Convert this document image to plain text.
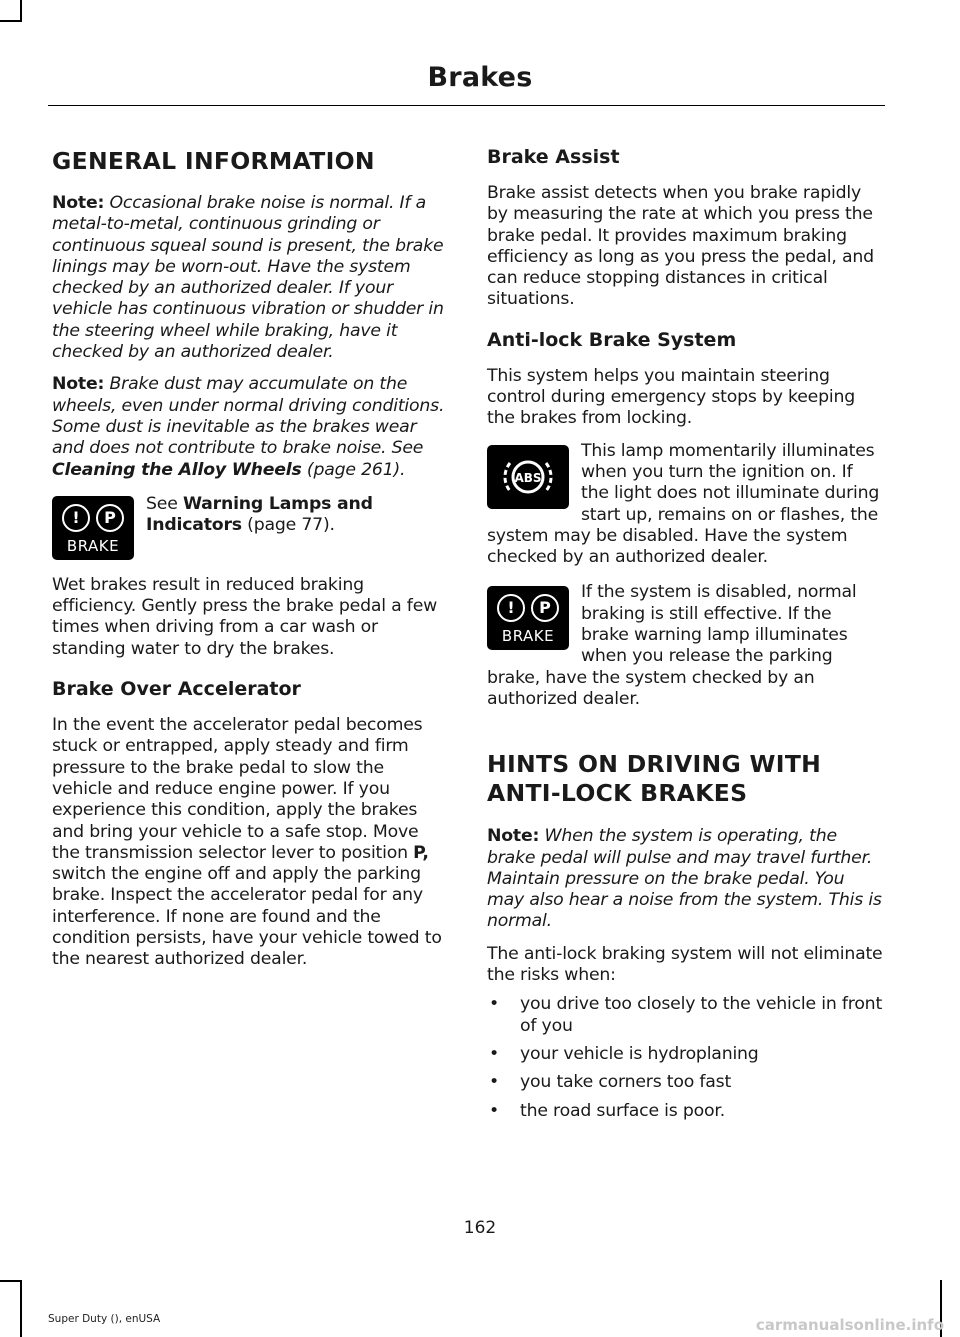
Brakes
GENERAL INFORMATION

Note: Occasional brake noise is normal. If a metal-to-metal, continuous grinding or continuous squeal sound is present, the brake linings may be worn-out. Have the system checked by an authorized dealer. If your vehicle has continuous vibration or shudder in the steering wheel while braking, have it checked by an authorized dealer.

Note: Brake dust may accumulate on the wheels, even under normal driving conditions. Some dust is inevitable as the brakes wear and does not contribute to brake noise. See Cleaning the Alloy Wheels (page 261).

!	P
BRAKE

See Warning Lamps and Indicators (page 77).

Wet brakes result in reduced braking efficiency. Gently press the brake pedal a few times when driving from a car wash or standing water to dry the brakes.

Brake Over Accelerator

In the event the accelerator pedal becomes stuck or entrapped, apply steady and firm pressure to the brake pedal to slow the vehicle and reduce engine power. If you experience this condition, apply the brakes and bring your vehicle to a safe stop. Move the transmission selector lever to position P, switch the engine off and apply the parking brake. Inspect the accelerator pedal for any interference. If none are found and the condition persists, have your vehicle towed to the nearest authorized dealer.

Brake Assist

Brake assist detects when you brake rapidly by measuring the rate at which you press the brake pedal. It provides maximum braking efficiency as long as you press the pedal, and can reduce stopping distances in critical situations.

Anti-lock Brake System

This system helps you maintain steering control during emergency stops by keeping the brakes from locking.

ABS

This lamp momentarily illuminates when you turn the ignition on. If the light does not illuminate during start up, remains on or flashes, the system may be disabled. Have the system checked by an authorized dealer.

!	P
BRAKE

If the system is disabled, normal braking is still effective. If the brake warning lamp illuminates when you release the parking brake, have the system checked by an authorized dealer.

HINTS ON DRIVING WITH
ANTI-LOCK BRAKES

Note: When the system is operating, the brake pedal will pulse and may travel further. Maintain pressure on the brake pedal. You may also hear a noise from the system. This is normal.

The anti-lock braking system will not eliminate the risks when:

• you drive too closely to the vehicle in front of you
• your vehicle is hydroplaning
• you take corners too fast
• the road surface is poor.
162
Super Duty (), enUSA	carmanualsonline.info
